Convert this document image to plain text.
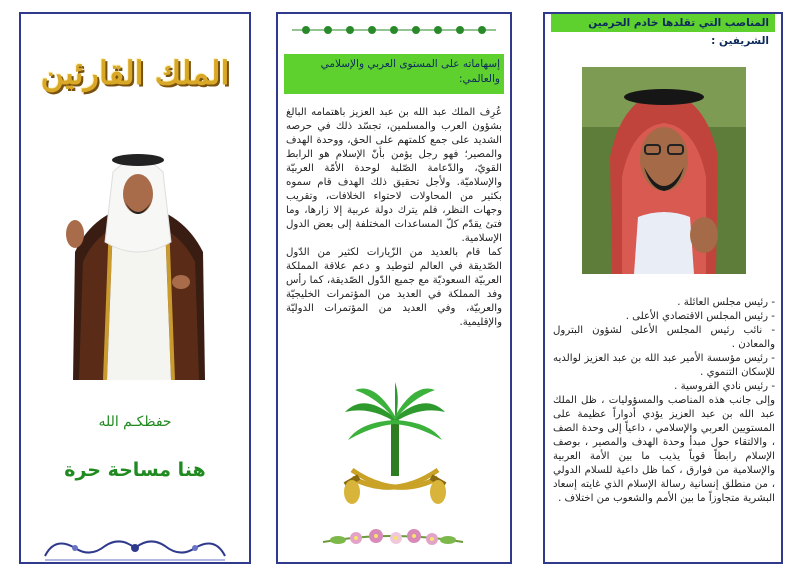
الملك القارئين
حفظكـم الله
هنا مساحة حرة
إسهاماته على المستوى العربي والإسلامي والعالمي:

عُرِف الملك عبد الله بن عبد العزيز باهتمامه البالغ بشؤون العرب والمسلمين، تجسّد ذلك في حرصه الشديد على جمع كلمتهم على الحق، ووحدة الهدف والمصير؛ فهو رجل يؤمن بأنّ الإسلام هو الرابط القويّ، والدّعامة الصّلبة لوحدة الأمّة العربيّة والإسلاميّة. ولأجل تحقيق ذلك الهدف قام سموه بكثير من المحاولات لاحتواء الخلافات، وتقريب وجهات النظر، فلم يترك دولة عربية إلا زارها، وما فتئ يقدّم كلّ المساعدات المختلفة إلى بعض الدول الإسلامية.

كما قام بالعديد من الزّيارات لكثير من الدّول الصّديقة في العالم لتوطيد و دعم علاقة المملكة العربيّة السعوديّة مع جميع الدّول الصّديقة، كما رأس وفد المملكة في العديد من المؤتمرات الخليجيّة والعربيّة، وفي العديد من المؤتمرات الدوليّة والإقليمية.

المناصب التي تقلدها خادم الحرمين الشريفين :

- رئيس مجلس العائلة .

- رئيس المجلس الاقتصادي الأعلى .

- نائب رئيس المجلس الأعلى لشؤون البترول والمعادن .

- رئيس مؤسسة الأمير عبد الله بن عبد العزيز لوالديه للإسكان التنموي .

- رئيس نادي الفروسية .

وإلى جانب هذه المناصب والمسؤوليات ، ظل الملك عبد الله بن عبد العزيز يؤدي أدواراً عظيمة على المستويين العربي والإسلامي ، داعياً إلى وحدة الصف ، والالتقاء حول مبدأ وحدة الهدف والمصير ، بوصف الإسلام رابطاً قوياً يذيب ما بين الأمة العربية والإسلامية من فوارق ، كما ظل داعية للسلام الدولي ، من منطلق إنسانية رسالة الإسلام الذي غايته إسعاد البشرية متجاوزاً ما بين الأمم والشعوب من اختلاف .
